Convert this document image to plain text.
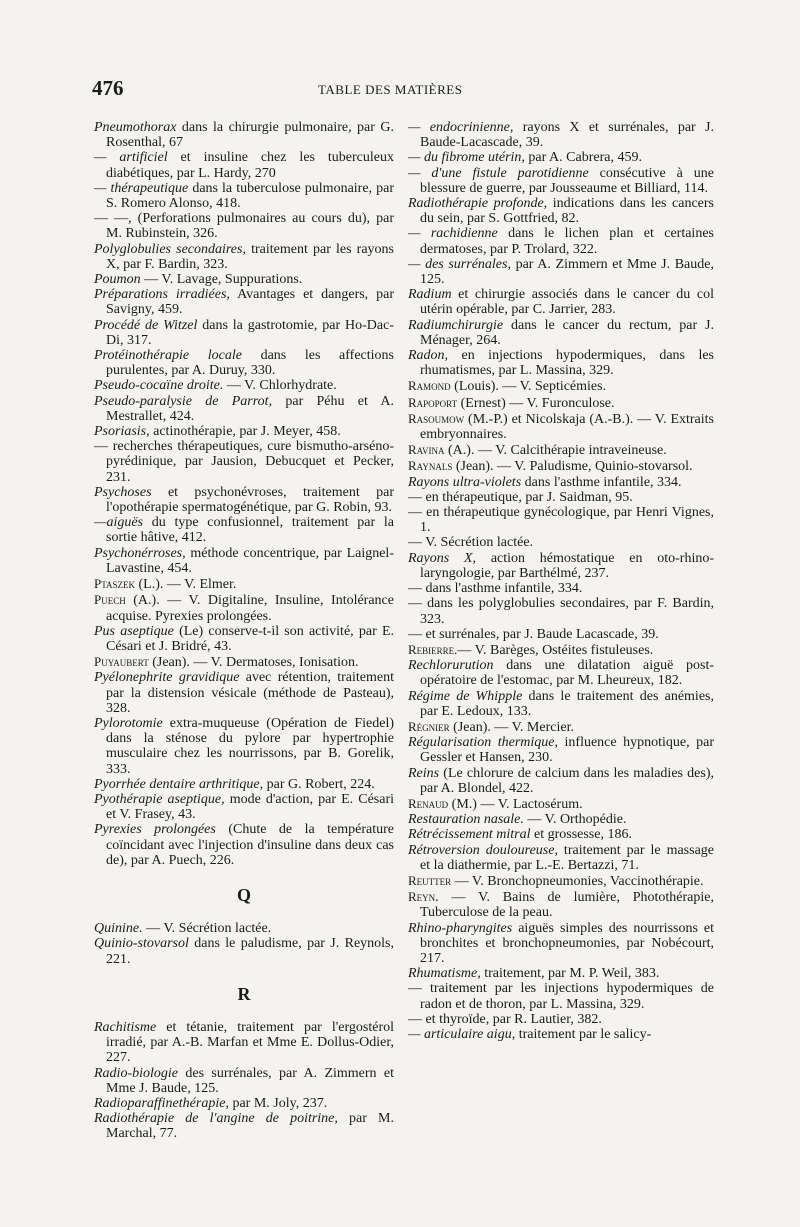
476	TABLE DES MATIÈRES

Pneumothorax dans la chirurgie pulmonaire, par G. Rosenthal, 67

— artificiel et insuline chez les tuberculeux diabétiques, par L. Hardy, 270

— thérapeutique dans la tuberculose pulmonaire, par S. Romero Alonso, 418.

— —, (Perforations pulmonaires au cours du), par M. Rubinstein, 326.

Polyglobulies secondaires, traitement par les rayons X, par F. Bardin, 323.

Poumon — V. Lavage, Suppurations.

Préparations irradiées, Avantages et dangers, par Savigny, 459.

Procédé de Witzel dans la gastrotomie, par Ho-Dac-Di, 317.

Protéinothérapie locale dans les affections purulentes, par A. Duruy, 330.

Pseudo-cocaïne droite. — V. Chlorhydrate.

Pseudo-paralysie de Parrot, par Péhu et A. Mestrallet, 424.

Psoriasis, actinothérapie, par J. Meyer, 458.

— recherches thérapeutiques, cure bismutho-arséno-pyrédinique, par Jausion, Debucquet et Pecker, 231.

Psychoses et psychonévroses, traitement par l'opothérapie spermatogénétique, par G. Robin, 93.

—aiguës du type confusionnel, traitement par la sortie hâtive, 412.

Psychonérroses, méthode concentrique, par Laignel-Lavastine, 454.

Ptaszek (L.). — V. Elmer.

Puech (A.). — V. Digitaline, Insuline, Intolérance acquise. Pyrexies prolongées.

Pus aseptique (Le) conserve-t-il son activité, par E. Césari et J. Bridré, 43.

Puyaubert (Jean). — V. Dermatoses, Ionisation.

Pyélonephrite gravidique avec rétention, traitement par la distension vésicale (méthode de Pasteau), 328.

Pylorotomie extra-muqueuse (Opération de Fiedel) dans la sténose du pylore par hypertrophie musculaire chez les nourrissons, par B. Gorelik, 333.

Pyorrhée dentaire arthritique, par G. Robert, 224.

Pyothérapie aseptique, mode d'action, par E. Césari et V. Frasey, 43.

Pyrexies prolongées (Chute de la température coïncidant avec l'injection d'insuline dans deux cas de), par A. Puech, 226.

Q

Quinine. — V. Sécrétion lactée.

Quinio-stovarsol dans le paludisme, par J. Reynols, 221.

R

Rachitisme et tétanie, traitement par l'ergostérol irradié, par A.-B. Marfan et Mme E. Dollus-Odier, 227.

Radio-biologie des surrénales, par A. Zimmern et Mme J. Baude, 125.

Radioparaffinethérapie, par M. Joly, 237.

Radiothérapie de l'angine de poitrine, par M. Marchal, 77.

— endocrinienne, rayons X et surrénales, par J. Baude-Lacascade, 39.

— du fibrome utérin, par A. Cabrera, 459.

— d'une fistule parotidienne consécutive à une blessure de guerre, par Jousseaume et Billiard, 114.

Radiothérapie profonde, indications dans les cancers du sein, par S. Gottfried, 82.

— rachidienne dans le lichen plan et certaines dermatoses, par P. Trolard, 322.

— des surrénales, par A. Zimmern et Mme J. Baude, 125.

Radium et chirurgie associés dans le cancer du col utérin opérable, par C. Jarrier, 283.

Radiumchirurgie dans le cancer du rectum, par J. Ménager, 264.

Radon, en injections hypodermiques, dans les rhumatismes, par L. Massina, 329.

Ramond (Louis). — V. Septicémies.

Rapoport (Ernest) — V. Furonculose.

Rasoumow (M.-P.) et Nicolskaja (A.-B.). — V. Extraits embryonnaires.

Ravina (A.). — V. Calcithérapie intraveineuse.

Raynals (Jean). — V. Paludisme, Quinio-stovarsol.

Rayons ultra-violets dans l'asthme infantile, 334.

— en thérapeutique, par J. Saidman, 95.

— en thérapeutique gynécologique, par Henri Vignes, 1.

— V. Sécrétion lactée.

Rayons X, action hémostatique en oto-rhino-laryngologie, par Barthélmé, 237.

— dans l'asthme infantile, 334.

— dans les polyglobulies secondaires, par F. Bardin, 323.

— et surrénales, par J. Baude Lacascade, 39.

Rebierre.— V. Barèges, Ostéites fistuleuses.

Rechlorurution dans une dilatation aiguë post-opératoire de l'estomac, par M. Lheureux, 182.

Régime de Whipple dans le traitement des anémies, par E. Ledoux, 133.

Régnier (Jean). — V. Mercier.

Régularisation thermique, influence hypnotique, par Gessler et Hansen, 230.

Reins (Le chlorure de calcium dans les maladies des), par A. Blondel, 422.

Renaud (M.) — V. Lactosérum.

Restauration nasale. — V. Orthopédie.

Rétrécissement mitral et grossesse, 186.

Rétroversion douloureuse, traitement par le massage et la diathermie, par L.-E. Bertazzi, 71.

Reutter — V. Bronchopneumonies, Vaccinothérapie.

Reyn. — V. Bains de lumière, Photothérapie, Tuberculose de la peau.

Rhino-pharyngites aiguës simples des nourrissons et bronchites et bronchopneumonies, par Nobécourt, 217.

Rhumatisme, traitement, par M. P. Weil, 383.

— traitement par les injections hypodermiques de radon et de thoron, par L. Massina, 329.

— et thyroïde, par R. Lautier, 382.

— articulaire aigu, traitement par le salicy-
